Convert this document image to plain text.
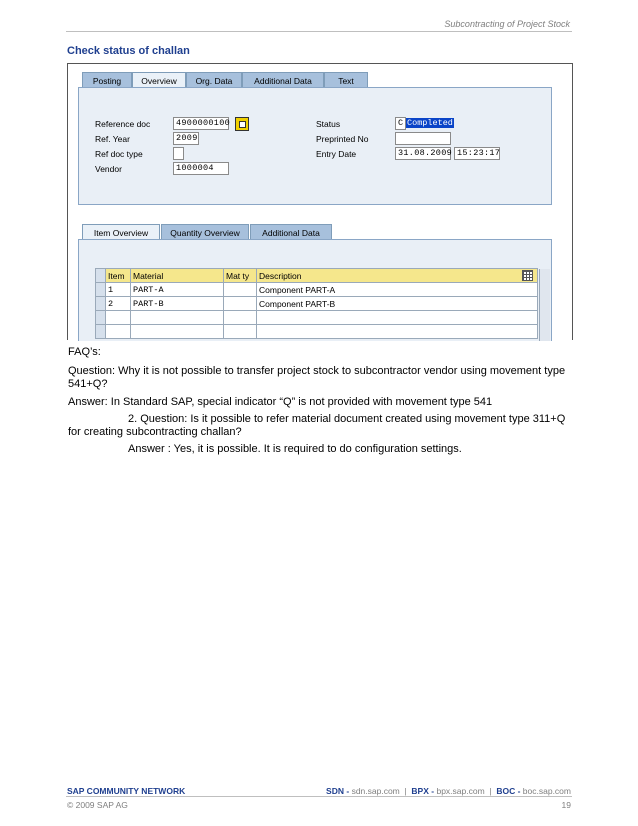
Subcontracting of Project Stock
Check status of challan
Posting	Overview	Org. Data	Additional Data	Text
Reference doc	4900000100
Ref. Year	2009
Ref doc type
Vendor	1000004
Status	C Completed
Preprinted No
Entry Date	31.08.2009 15:23:17
Item Overview	Quantity Overview	Additional Data
	Item	Material	Mat ty	Description

	1	PART-A		Component PART-A
	2	PART-B		Component PART-B

FAQ’s:
Question: Why it is not possible to transfer project stock to subcontractor vendor using movement type 541+Q?
Answer: In Standard SAP, special indicator “Q” is not provided with movement type 541
2. Question: Is it possible to refer material document created using movement type 311+Q for creating subcontracting challan?
Answer : Yes, it is possible. It is required to do configuration settings.
SAP COMMUNITY NETWORK	SDN - sdn.sap.com  |  BPX - bpx.sap.com  |  BOC - boc.sap.com
© 2009 SAP AG	19
